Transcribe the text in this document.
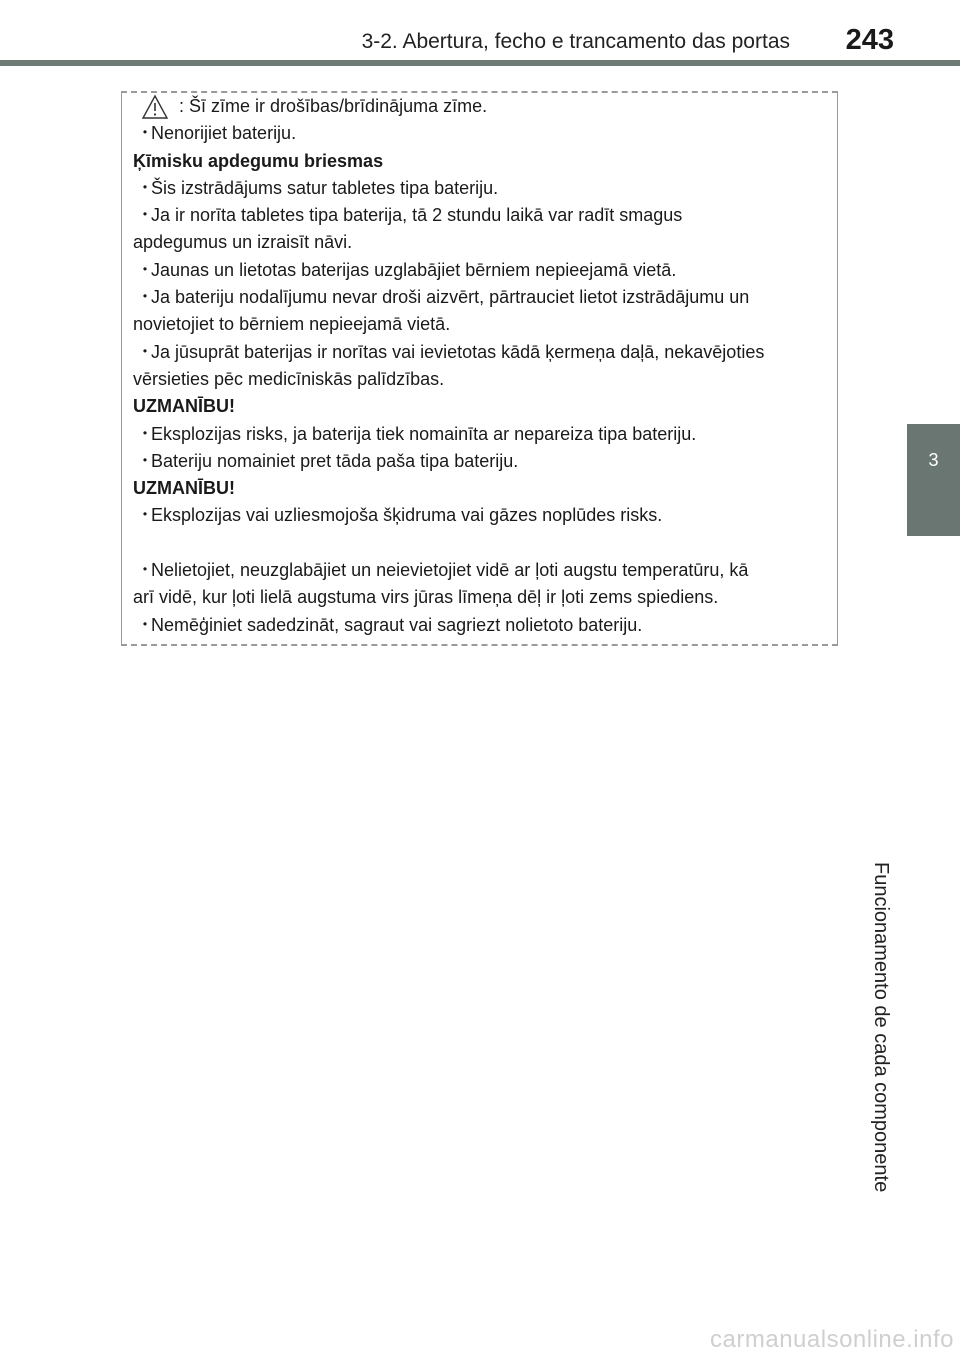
3-2. Abertura, fecho e trancamento das portas	243
3
Funcionamento de cada componente
: Šī zīme ir drošības/brīdinājuma zīme.
・ Nenorijiet bateriju.
Ķīmisku apdegumu briesmas
・ Šis izstrādājums satur tabletes tipa bateriju.
・ Ja ir norīta tabletes tipa baterija, tā 2 stundu laikā var radīt smagus
apdegumus un izraisīt nāvi.
・ Jaunas un lietotas baterijas uzglabājiet bērniem nepieejamā vietā.
・ Ja bateriju nodalījumu nevar droši aizvērt, pārtrauciet lietot izstrādājumu un
novietojiet to bērniem nepieejamā vietā.
・ Ja jūsuprāt baterijas ir norītas vai ievietotas kādā ķermeņa daļā, nekavējoties
vērsieties pēc medicīniskās palīdzības.
UZMANĪBU!
・ Eksplozijas risks, ja baterija tiek nomainīta ar nepareiza tipa bateriju.
・ Bateriju nomainiet pret tāda paša tipa bateriju.
UZMANĪBU!
・ Eksplozijas vai uzliesmojoša šķidruma vai gāzes noplūdes risks.
・ Nelietojiet, neuzglabājiet un neievietojiet vidē ar ļoti augstu temperatūru, kā
arī vidē, kur ļoti lielā augstuma virs jūras līmeņa dēļ ir ļoti zems spiediens.
・ Nemēģiniet sadedzināt, sagraut vai sagriezt nolietoto bateriju.
carmanualsonline.info
